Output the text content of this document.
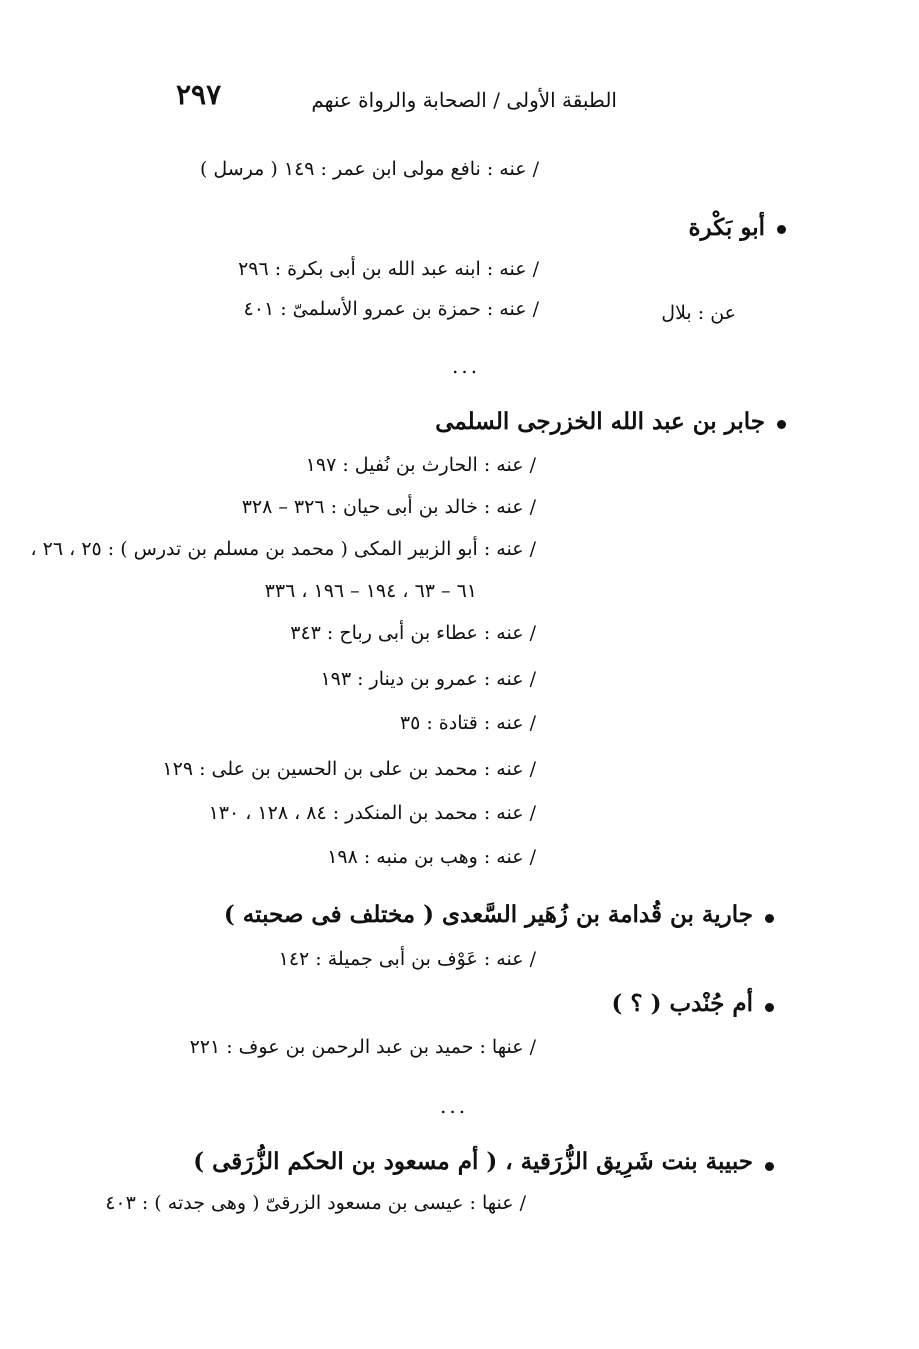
٢٩٧	الطبقة الأولى / الصحابة والرواة عنهم
/ عنه : نافع مولى ابن عمر : ١٤٩ ( مرسل )
أبو بَكْرة
/ عنه : ابنه عبد الله بن أبى بكرة : ٢٩٦
/ عنه : حمزة بن عمرو الأسلمىّ : ٤٠١	عن : بلال
...
جابر بن عبد الله الخزرجى السلمى
/ عنه : الحارث بن نُفيل : ١٩٧
/ عنه : خالد بن أبى حيان : ٣٢٦ – ٣٢٨
/ عنه : أبو الزبير المكى ( محمد بن مسلم بن تدرس ) : ٢٥ ، ٢٦ ،
٦١ – ٦٣ ، ١٩٤ – ١٩٦ ، ٣٣٦
/ عنه : عطاء بن أبى رباح : ٣٤٣
/ عنه : عمرو بن دينار : ١٩٣
/ عنه : قتادة : ٣٥
/ عنه : محمد بن على بن الحسين بن على : ١٢٩
/ عنه : محمد بن المنكدر : ٨٤ ، ١٢٨ ، ١٣٠
/ عنه : وهب بن منبه : ١٩٨
جارية بن قُدامة بن زُهَير السَّعدى ( مختلف فى صحبته )
/ عنه : عَوْف بن أبى جميلة : ١٤٢
أم جُنْدب ( ؟ )
/ عنها : حميد بن عبد الرحمن بن عوف : ٢٢١
...
حبيبة بنت شَرِيق الزُّرَقية ، ( أم مسعود بن الحكم الزُّرَقى )
/ عنها : عيسى بن مسعود الزرقىّ ( وهى جدته ) : ٤٠٣
